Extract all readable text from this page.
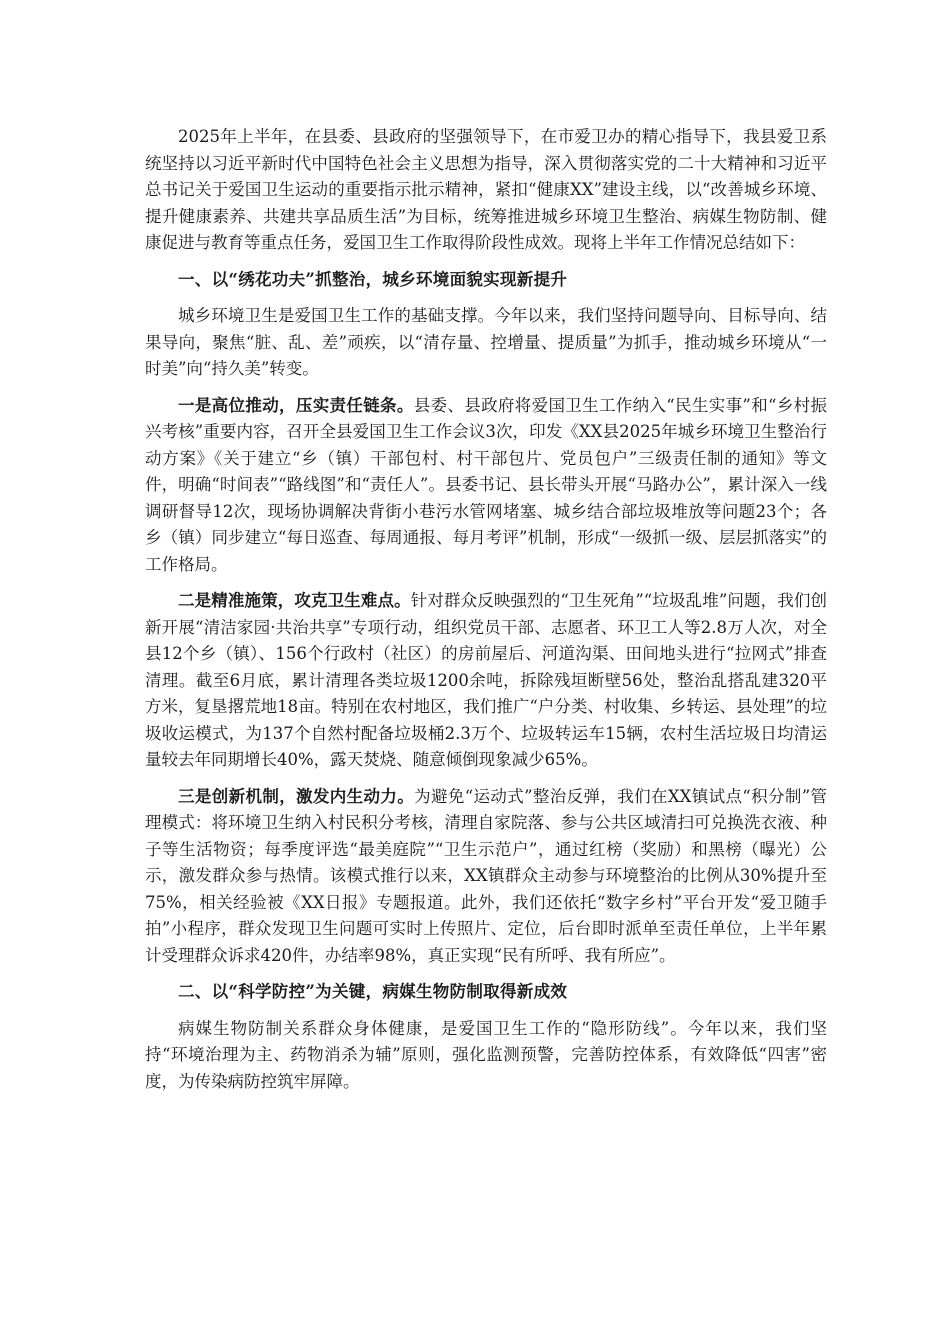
2025年上半年，在县委、县政府的坚强领导下，在市爱卫办的精心指导下，我县爱卫系统坚持以习近平新时代中国特色社会主义思想为指导，深入贯彻落实党的二十大精神和习近平总书记关于爱国卫生运动的重要指示批示精神，紧扣“健康XX”建设主线，以“改善城乡环境、提升健康素养、共建共享品质生活”为目标，统筹推进城乡环境卫生整治、病媒生物防制、健康促进与教育等重点任务，爱国卫生工作取得阶段性成效。现将上半年工作情况总结如下：

一、以“绣花功夫”抓整治，城乡环境面貌实现新提升

城乡环境卫生是爱国卫生工作的基础支撑。今年以来，我们坚持问题导向、目标导向、结果导向，聚焦“脏、乱、差”顽疾，以“清存量、控增量、提质量”为抓手，推动城乡环境从“一时美”向“持久美”转变。

一是高位推动，压实责任链条。县委、县政府将爱国卫生工作纳入“民生实事”和“乡村振兴考核”重要内容，召开全县爱国卫生工作会议3次，印发《XX县2025年城乡环境卫生整治行动方案》《关于建立“乡（镇）干部包村、村干部包片、党员包户”三级责任制的通知》等文件，明确“时间表”“路线图”和“责任人”。县委书记、县长带头开展“马路办公”，累计深入一线调研督导12次，现场协调解决背街小巷污水管网堵塞、城乡结合部垃圾堆放等问题23个；各乡（镇）同步建立“每日巡查、每周通报、每月考评”机制，形成“一级抓一级、层层抓落实”的工作格局。

二是精准施策，攻克卫生难点。针对群众反映强烈的“卫生死角”“垃圾乱堆”问题，我们创新开展“清洁家园·共治共享”专项行动，组织党员干部、志愿者、环卫工人等2.8万人次，对全县12个乡（镇）、156个行政村（社区）的房前屋后、河道沟渠、田间地头进行“拉网式”排查清理。截至6月底，累计清理各类垃圾1200余吨，拆除残垣断壁56处，整治乱搭乱建320平方米，复垦撂荒地18亩。特别在农村地区，我们推广“户分类、村收集、乡转运、县处理”的垃圾收运模式，为137个自然村配备垃圾桶2.3万个、垃圾转运车15辆，农村生活垃圾日均清运量较去年同期增长40%，露天焚烧、随意倾倒现象减少65%。

三是创新机制，激发内生动力。为避免“运动式”整治反弹，我们在XX镇试点“积分制”管理模式：将环境卫生纳入村民积分考核，清理自家院落、参与公共区域清扫可兑换洗衣液、种子等生活物资；每季度评选“最美庭院”“卫生示范户”，通过红榜（奖励）和黑榜（曝光）公示，激发群众参与热情。该模式推行以来，XX镇群众主动参与环境整治的比例从30%提升至75%，相关经验被《XX日报》专题报道。此外，我们还依托“数字乡村”平台开发“爱卫随手拍”小程序，群众发现卫生问题可实时上传照片、定位，后台即时派单至责任单位，上半年累计受理群众诉求420件，办结率98%，真正实现“民有所呼、我有所应”。

二、以“科学防控”为关键，病媒生物防制取得新成效

病媒生物防制关系群众身体健康，是爱国卫生工作的“隐形防线”。今年以来，我们坚持“环境治理为主、药物消杀为辅”原则，强化监测预警，完善防控体系，有效降低“四害”密度，为传染病防控筑牢屏障。
